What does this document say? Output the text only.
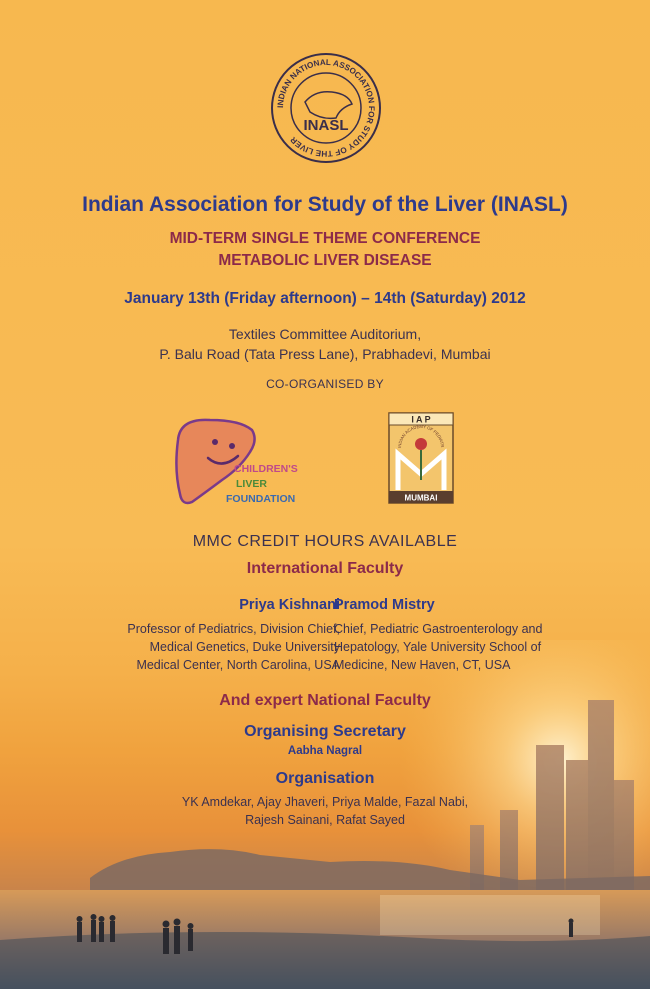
INDIAN NATIONAL ASSOCIATION FOR STUDY OF THE LIVER
INASL
Indian Association for Study of the Liver (INASL)
MID-TERM SINGLE THEME CONFERENCE
METABOLIC LIVER DISEASE
January 13th (Friday afternoon) – 14th (Saturday) 2012
Textiles Committee Auditorium,
P. Balu Road (Tata Press Lane), Prabhadevi, Mumbai
CO-ORGANISED BY
CHILDREN'S
LIVER
FOUNDATION
I A P
INDIAN ACADEMY OF PEDIATR
MUMBAI
MMC CREDIT HOURS AVAILABLE
International Faculty
Priya Kishnani
Professor of Pediatrics, Division Chief,
Medical Genetics, Duke University
Medical Center, North Carolina, USA
Pramod Mistry
Chief, Pediatric Gastroenterology and
Hepatology, Yale University School of
Medicine, New Haven, CT, USA
And expert National Faculty
Organising Secretary
Aabha Nagral
Organisation
YK Amdekar, Ajay Jhaveri, Priya Malde, Fazal Nabi,
Rajesh Sainani, Rafat Sayed
